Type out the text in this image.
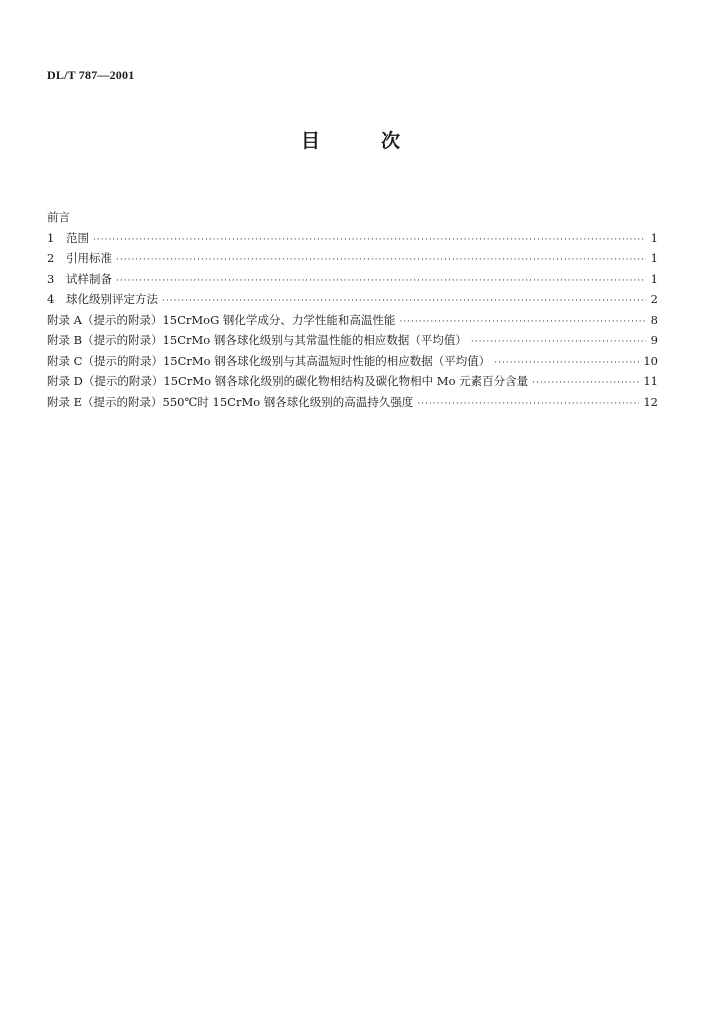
DL/T 787—2001
目	次
前言
1	范围 ·····	1
2	引用标准 ·····	1
3	试样制备 ·····	1
4	球化级别评定方法 ·····	2
附录 A（提示的附录）15CrMoG 钢化学成分、力学性能和高温性能 ·····	8
附录 B（提示的附录）15CrMo 钢各球化级别与其常温性能的相应数据（平均值） ·····	9
附录 C（提示的附录）15CrMo 钢各球化级别与其高温短时性能的相应数据（平均值） ·····	10
附录 D（提示的附录）15CrMo 钢各球化级别的碳化物相结构及碳化物相中 Mo 元素百分含量 ·····	11
附录 E（提示的附录）550℃时 15CrMo 钢各球化级别的高温持久强度 ·····	12
